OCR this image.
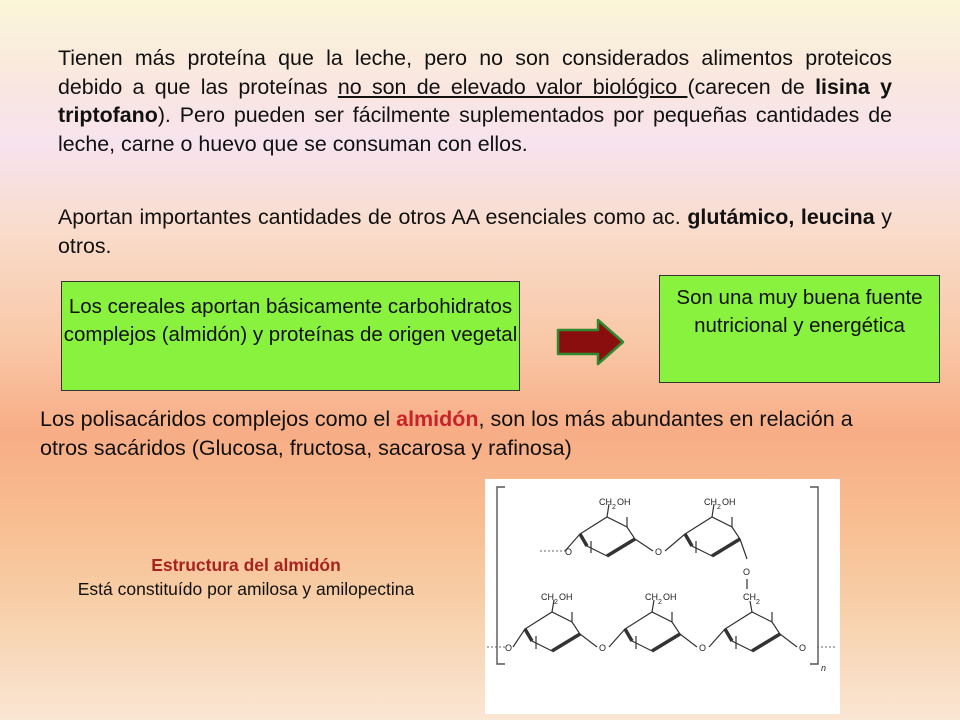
Tienen más proteína que la leche, pero no son considerados alimentos proteicos debido a que las proteínas no son de elevado valor biológico (carecen de lisina y triptofano). Pero pueden ser fácilmente suplementados por pequeñas cantidades de leche, carne o huevo que se consuman con ellos.
Aportan importantes cantidades de otros AA esenciales como ac. glutámico, leucina y otros.
Los cereales aportan básicamente carbohidratos complejos (almidón) y proteínas de origen vegetal
Son una muy buena fuente nutricional y energética
Los polisacáridos complejos como el almidón, son los más abundantes en relación a otros sacáridos (Glucosa, fructosa, sacarosa y rafinosa)
Estructura del almidón
Está constituído por amilosa y amilopectina
CH
2
OH	CH
2
OH
O	O
O
CH
2
OH	CH
2
OH	CH
2
O	O	O	O
n
